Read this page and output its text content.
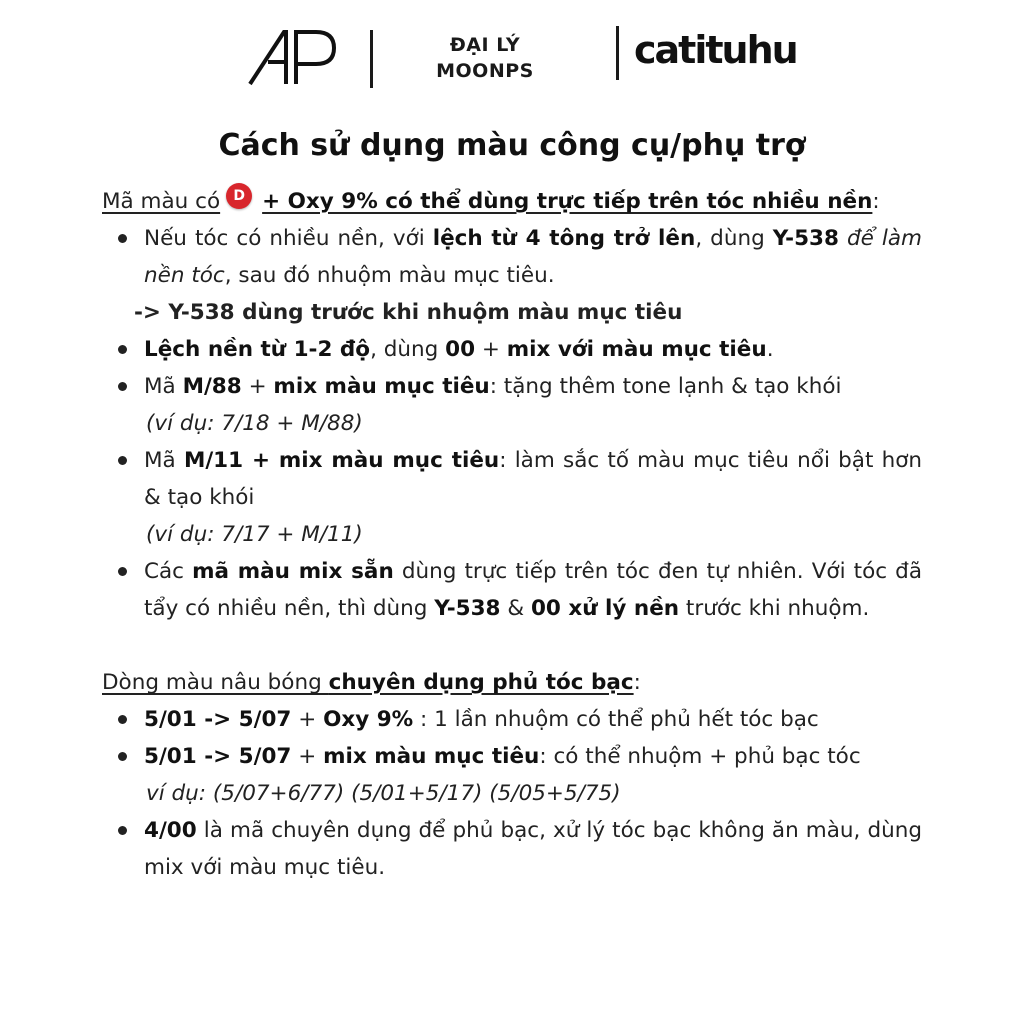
ĐẠI LÝ
MOONPS	catituhu
Cách sử dụng màu công cụ/phụ trợ

Mã màu có D + Oxy 9% có thể dùng trực tiếp trên tóc nhiều nền:

Nếu tóc có nhiều nền, với lệch từ 4 tông trở lên, dùng Y-538 để làm nền tóc, sau đó nhuộm màu mục tiêu.
-> Y-538 dùng trước khi nhuộm màu mục tiêu
Lệch nền từ 1-2 độ, dùng 00 + mix với màu mục tiêu.
Mã M/88 + mix màu mục tiêu: tặng thêm tone lạnh & tạo khói
(ví dụ: 7/18 + M/88)
Mã M/11 + mix màu mục tiêu: làm sắc tố màu mục tiêu nổi bật hơn & tạo khói
(ví dụ: 7/17 + M/11)
Các mã màu mix sẵn dùng trực tiếp trên tóc đen tự nhiên. Với tóc đã tẩy có nhiều nền, thì dùng Y-538 & 00 xử lý nền trước khi nhuộm.

Dòng màu nâu bóng chuyên dụng phủ tóc bạc:

5/01 -> 5/07 + Oxy 9% : 1 lần nhuộm có thể phủ hết tóc bạc
5/01 -> 5/07 + mix màu mục tiêu: có thể nhuộm + phủ bạc tóc
ví dụ: (5/07+6/77) (5/01+5/17) (5/05+5/75)
4/00 là mã chuyên dụng để phủ bạc, xử lý tóc bạc không ăn màu, dùng mix với màu mục tiêu.
